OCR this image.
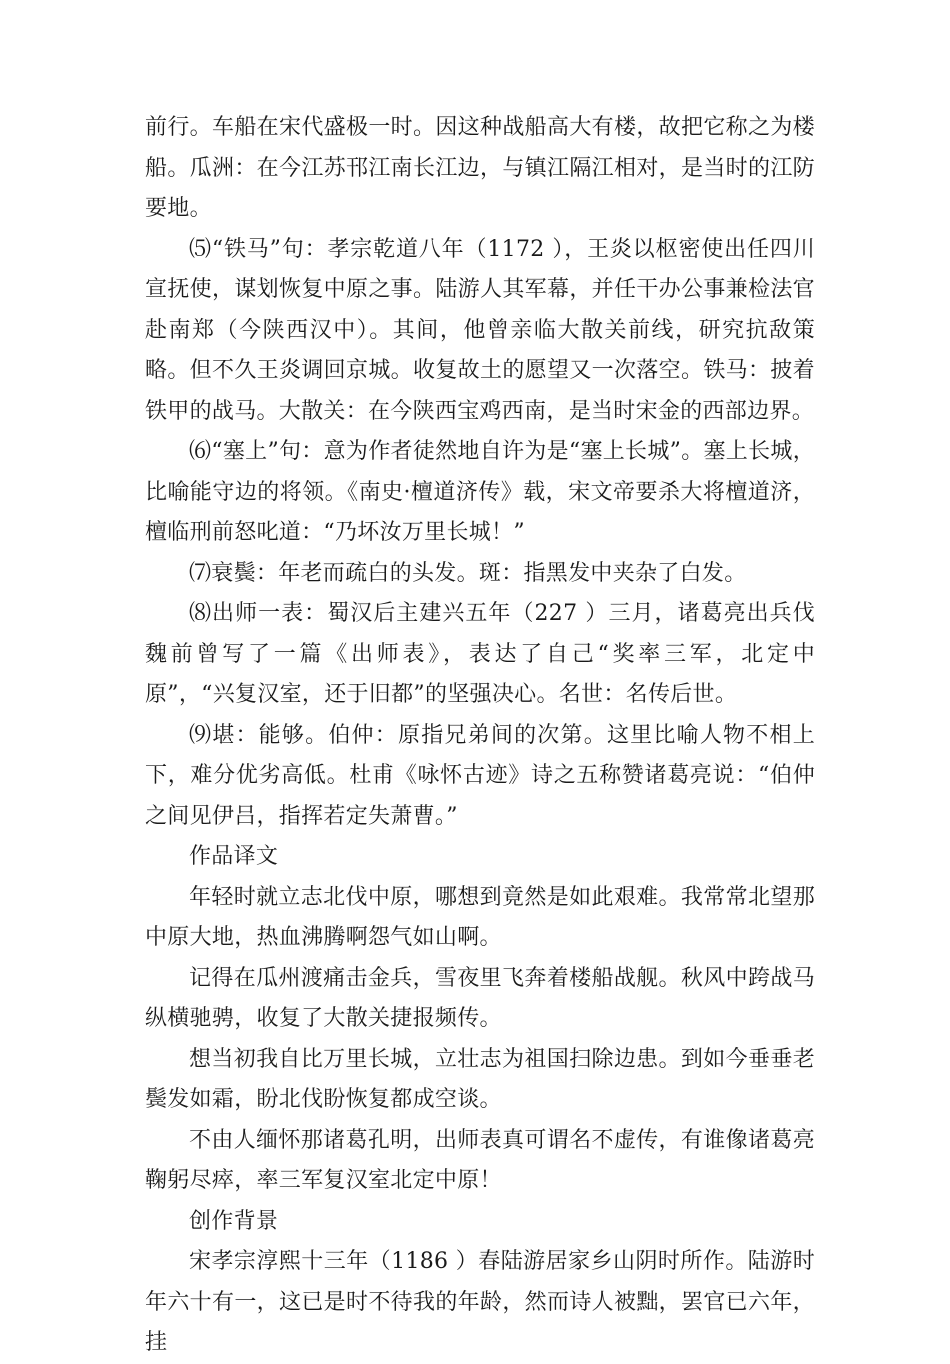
前行。车船在宋代盛极一时。因这种战船高大有楼，故把它称之为楼船。瓜洲：在今江苏邗江南长江边，与镇江隔江相对，是当时的江防要地。

⑸“铁马”句：孝宗乾道八年（1172 ），王炎以枢密使出任四川宣抚使，谋划恢复中原之事。陆游人其军幕，并任干办公事兼检法官赴南郑（今陕西汉中）。其间，他曾亲临大散关前线，研究抗敌策略。但不久王炎调回京城。收复故土的愿望又一次落空。铁马：披着铁甲的战马。大散关：在今陕西宝鸡西南，是当时宋金的西部边界。

⑹“塞上”句：意为作者徒然地自许为是“塞上长城”。塞上长城，比喻能守边的将领。《南史·檀道济传》载，宋文帝要杀大将檀道济，檀临刑前怒叱道：“乃坏汝万里长城！”

⑺衰鬓：年老而疏白的头发。斑：指黑发中夹杂了白发。

⑻出师一表：蜀汉后主建兴五年（227 ）三月，诸葛亮出兵伐魏前曾写了一篇《出师表》，表达了自己“奖率三军，北定中原”，“兴复汉室，还于旧都”的坚强决心。名世：名传后世。

⑼堪：能够。伯仲：原指兄弟间的次第。这里比喻人物不相上下，难分优劣高低。杜甫《咏怀古迹》诗之五称赞诸葛亮说：“伯仲之间见伊吕，指挥若定失萧曹。”

作品译文

年轻时就立志北伐中原，哪想到竟然是如此艰难。我常常北望那中原大地，热血沸腾啊怨气如山啊。

记得在瓜州渡痛击金兵，雪夜里飞奔着楼船战舰。秋风中跨战马纵横驰骋，收复了大散关捷报频传。

想当初我自比万里长城，立壮志为祖国扫除边患。到如今垂垂老鬓发如霜，盼北伐盼恢复都成空谈。

不由人缅怀那诸葛孔明，出师表真可谓名不虚传，有谁像诸葛亮鞠躬尽瘁，率三军复汉室北定中原！

创作背景

宋孝宗淳熙十三年（1186 ）春陆游居家乡山阴时所作。陆游时年六十有一，这已是时不待我的年龄，然而诗人被黜，罢官已六年，挂
